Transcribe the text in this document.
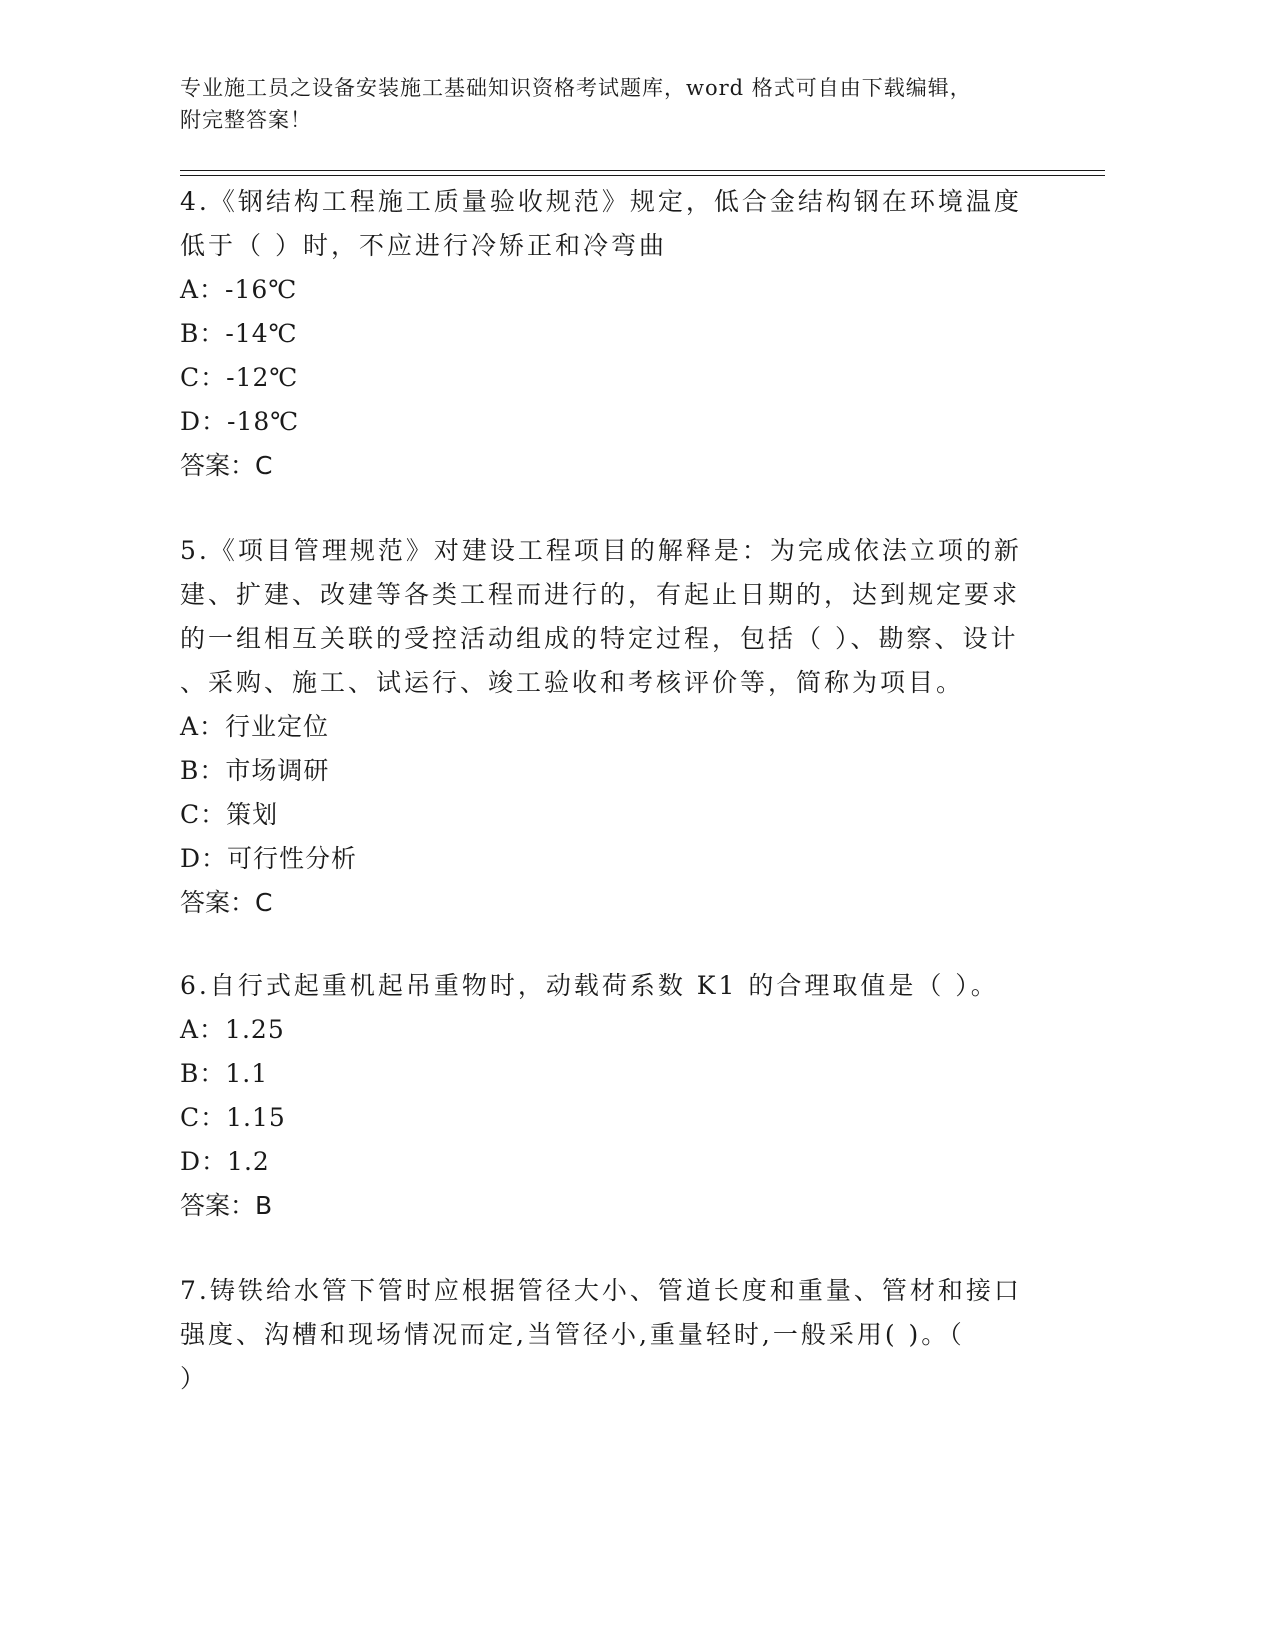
专业施工员之设备安装施工基础知识资格考试题库，word 格式可自由下载编辑，
附完整答案！
4.《钢结构工程施工质量验收规范》规定，低合金结构钢在环境温度
低于（ ）时，不应进行冷矫正和冷弯曲
A：-16℃
B：-14℃
C：-12℃
D：-18℃
答案：C
5.《项目管理规范》对建设工程项目的解释是：为完成依法立项的新
建、扩建、改建等各类工程而进行的，有起止日期的，达到规定要求
的一组相互关联的受控活动组成的特定过程，包括（ ）、勘察、设计
、采购、施工、试运行、竣工验收和考核评价等，简称为项目。
A：行业定位
B：市场调研
C：策划
D：可行性分析
答案：C
6.自行式起重机起吊重物时，动载荷系数 K1 的合理取值是（ ）。
A：1.25
B：1.1
C：1.15
D：1.2
答案：B
7.铸铁给水管下管时应根据管径大小、管道长度和重量、管材和接口
强度、沟槽和现场情况而定,当管径小,重量轻时,一般采用( )。（
）
